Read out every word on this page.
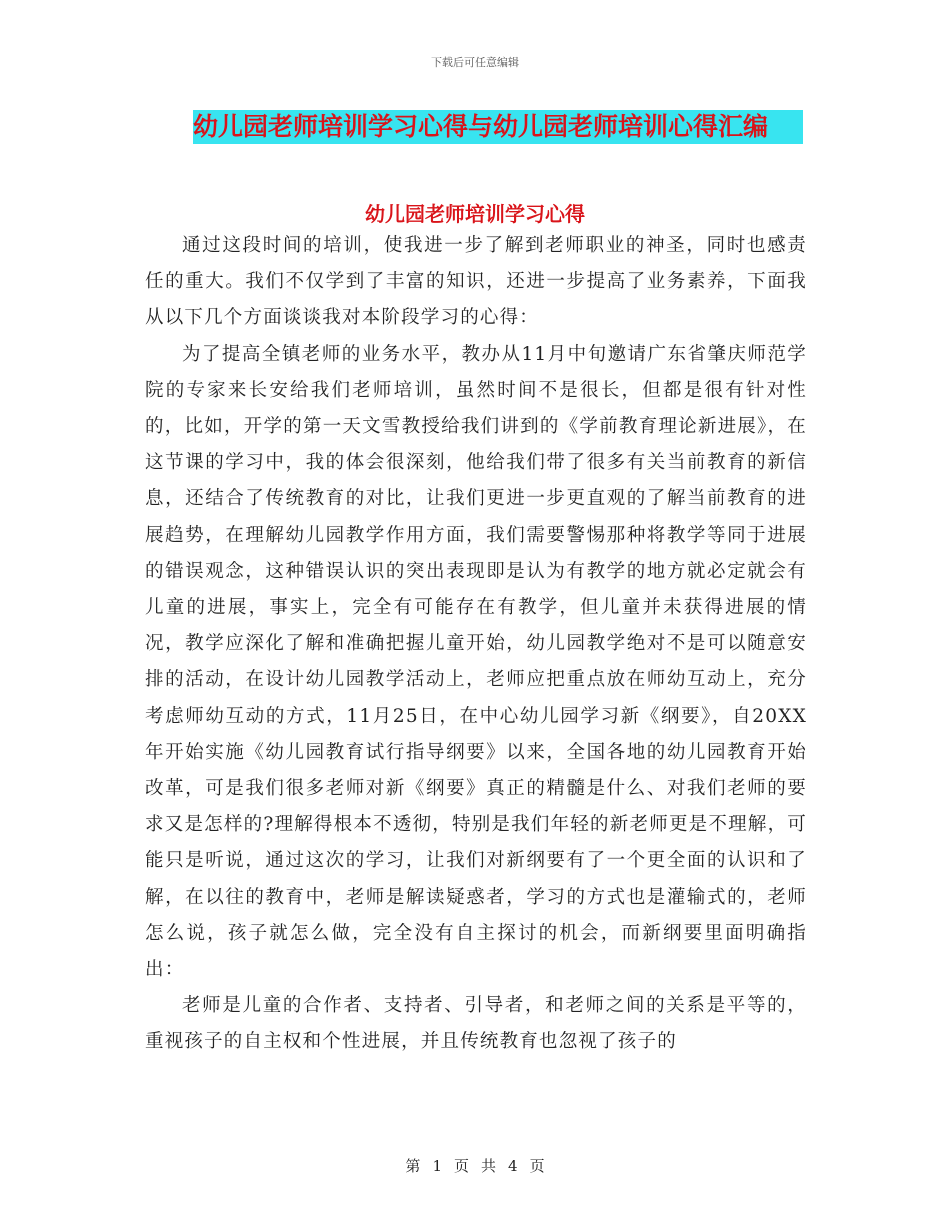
下载后可任意编辑
幼儿园老师培训学习心得与幼儿园老师培训心得汇编
幼儿园老师培训学习心得

通过这段时间的培训，使我进一步了解到老师职业的神圣，同时也感责任的重大。我们不仅学到了丰富的知识，还进一步提高了业务素养，下面我从以下几个方面谈谈我对本阶段学习的心得：

为了提高全镇老师的业务水平，教办从11月中旬邀请广东省肇庆师范学院的专家来长安给我们老师培训，虽然时间不是很长，但都是很有针对性的，比如，开学的第一天文雪教授给我们讲到的《学前教育理论新进展》，在这节课的学习中，我的体会很深刻，他给我们带了很多有关当前教育的新信息，还结合了传统教育的对比，让我们更进一步更直观的了解当前教育的进展趋势，在理解幼儿园教学作用方面，我们需要警惕那种将教学等同于进展的错误观念，这种错误认识的突出表现即是认为有教学的地方就必定就会有儿童的进展，事实上，完全有可能存在有教学，但儿童并未获得进展的情况，教学应深化了解和准确把握儿童开始，幼儿园教学绝对不是可以随意安排的活动，在设计幼儿园教学活动上，老师应把重点放在师幼互动上，充分考虑师幼互动的方式，11月25日，在中心幼儿园学习新《纲要》，自20XX年开始实施《幼儿园教育试行指导纲要》以来，全国各地的幼儿园教育开始改革，可是我们很多老师对新《纲要》真正的精髓是什么、对我们老师的要求又是怎样的?理解得根本不透彻，特别是我们年轻的新老师更是不理解，可能只是听说，通过这次的学习，让我们对新纲要有了一个更全面的认识和了解，在以往的教育中，老师是解读疑惑者，学习的方式也是灌输式的，老师怎么说，孩子就怎么做，完全没有自主探讨的机会，而新纲要里面明确指出：

老师是儿童的合作者、支持者、引导者，和老师之间的关系是平等的，重视孩子的自主权和个性进展，并且传统教育也忽视了孩子的

第 1 页 共 4 页
